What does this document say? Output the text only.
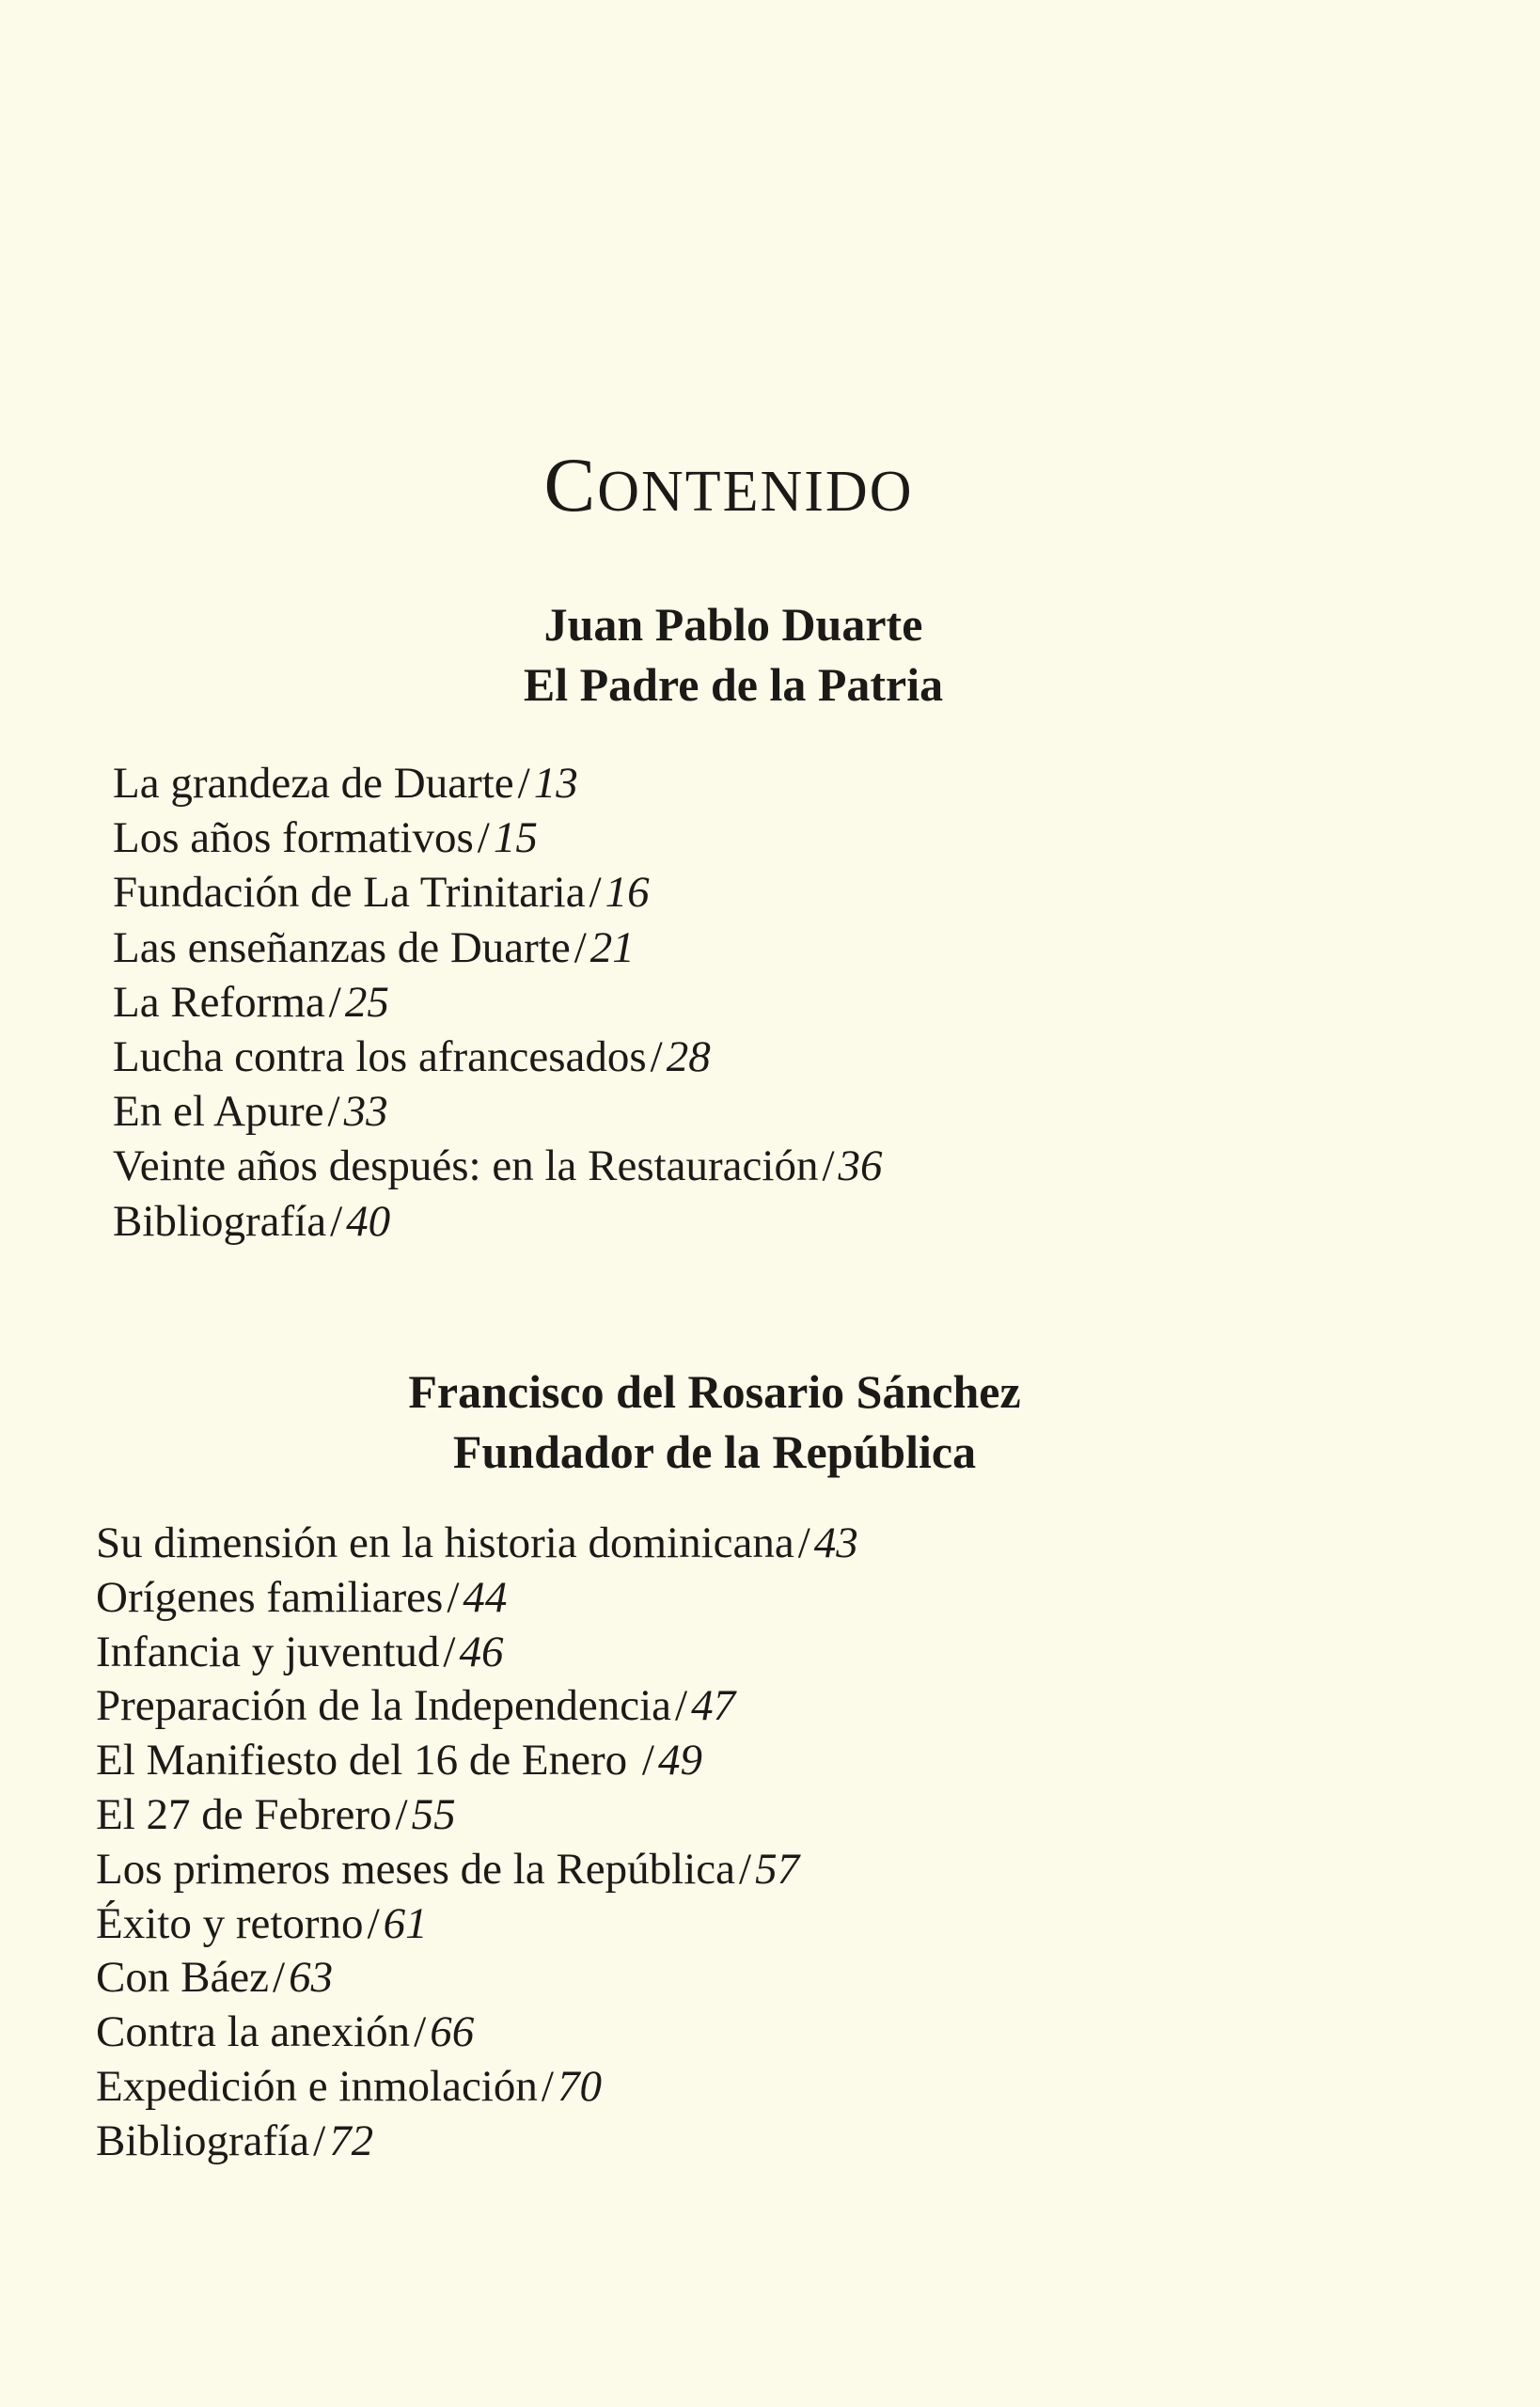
CONTENIDO
Juan Pablo Duarte
El Padre de la Patria
La grandeza de Duarte/13
Los años formativos/15
Fundación de La Trinitaria/16
Las enseñanzas de Duarte/21
La Reforma/25
Lucha contra los afrancesados/28
En el Apure/33
Veinte años después: en la Restauración/36
Bibliografía/40
Francisco del Rosario Sánchez
Fundador de la República
Su dimensión en la historia dominicana/43
Orígenes familiares/44
Infancia y juventud/46
Preparación de la Independencia/47
El Manifiesto del 16 de Enero /49
El 27 de Febrero/55
Los primeros meses de la República/57
Éxito y retorno/61
Con Báez/63
Contra la anexión/66
Expedición e inmolación/70
Bibliografía/72
